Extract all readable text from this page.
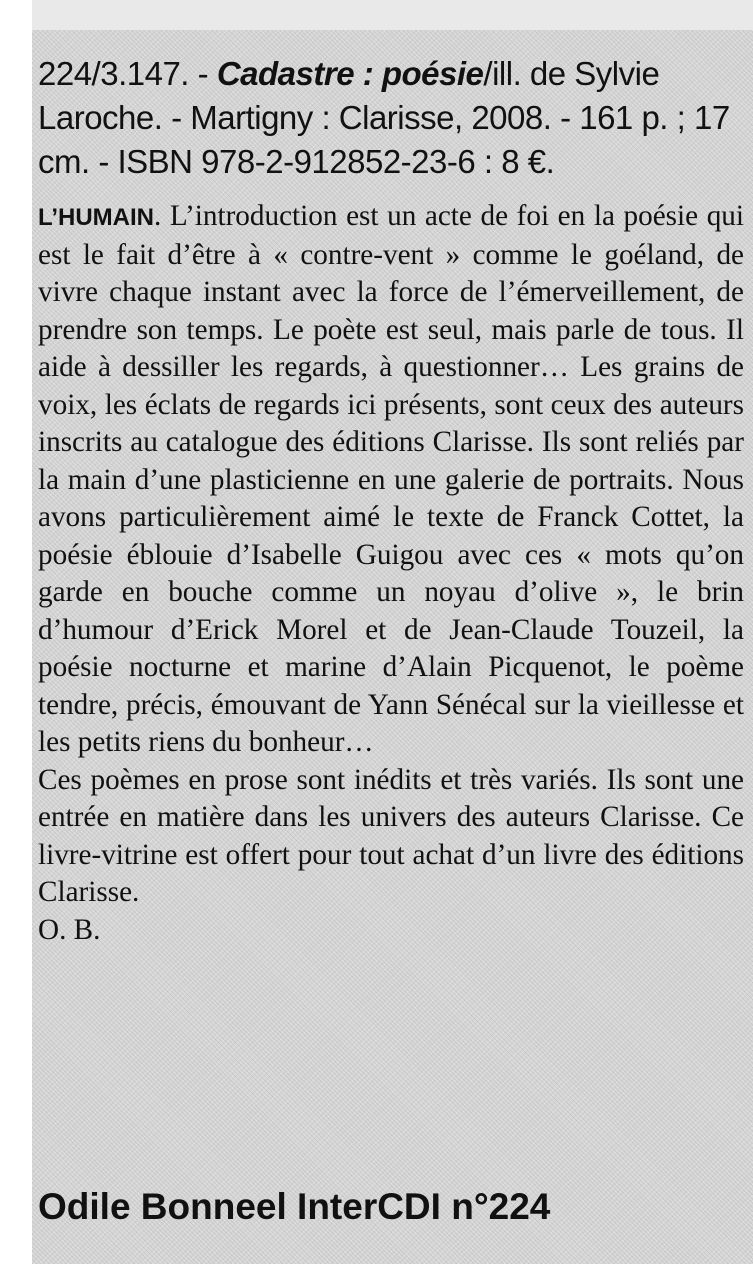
224/3.147. - Cadastre : poésie/ill. de Sylvie Laroche. - Martigny : Clarisse, 2008. - 161 p. ; 17 cm. - ISBN 978-2-912852-23-6 : 8 €.

L’HUMAIN. L’introduction est un acte de foi en la poésie qui est le fait d’être à « contre-vent » comme le goéland, de vivre chaque instant avec la force de l’émerveillement, de prendre son temps. Le poète est seul, mais parle de tous. Il aide à dessiller les regards, à questionner… Les grains de voix, les éclats de regards ici présents, sont ceux des auteurs inscrits au catalogue des éditions Clarisse. Ils sont reliés par la main d’une plasticienne en une galerie de portraits. Nous avons particulièrement aimé le texte de Franck Cottet, la poésie éblouie d’Isabelle Guigou avec ces « mots qu’on garde en bouche comme un noyau d’olive », le brin d’humour d’Erick Morel et de Jean-Claude Touzeil, la poésie nocturne et marine d’Alain Picquenot, le poème tendre, précis, émouvant de Yann Sénécal sur la vieillesse et les petits riens du bonheur…

Ces poèmes en prose sont inédits et très variés. Ils sont une entrée en matière dans les univers des auteurs Clarisse. Ce livre-vitrine est offert pour tout achat d’un livre des éditions Clarisse.

O. B.

Odile Bonneel InterCDI n°224
